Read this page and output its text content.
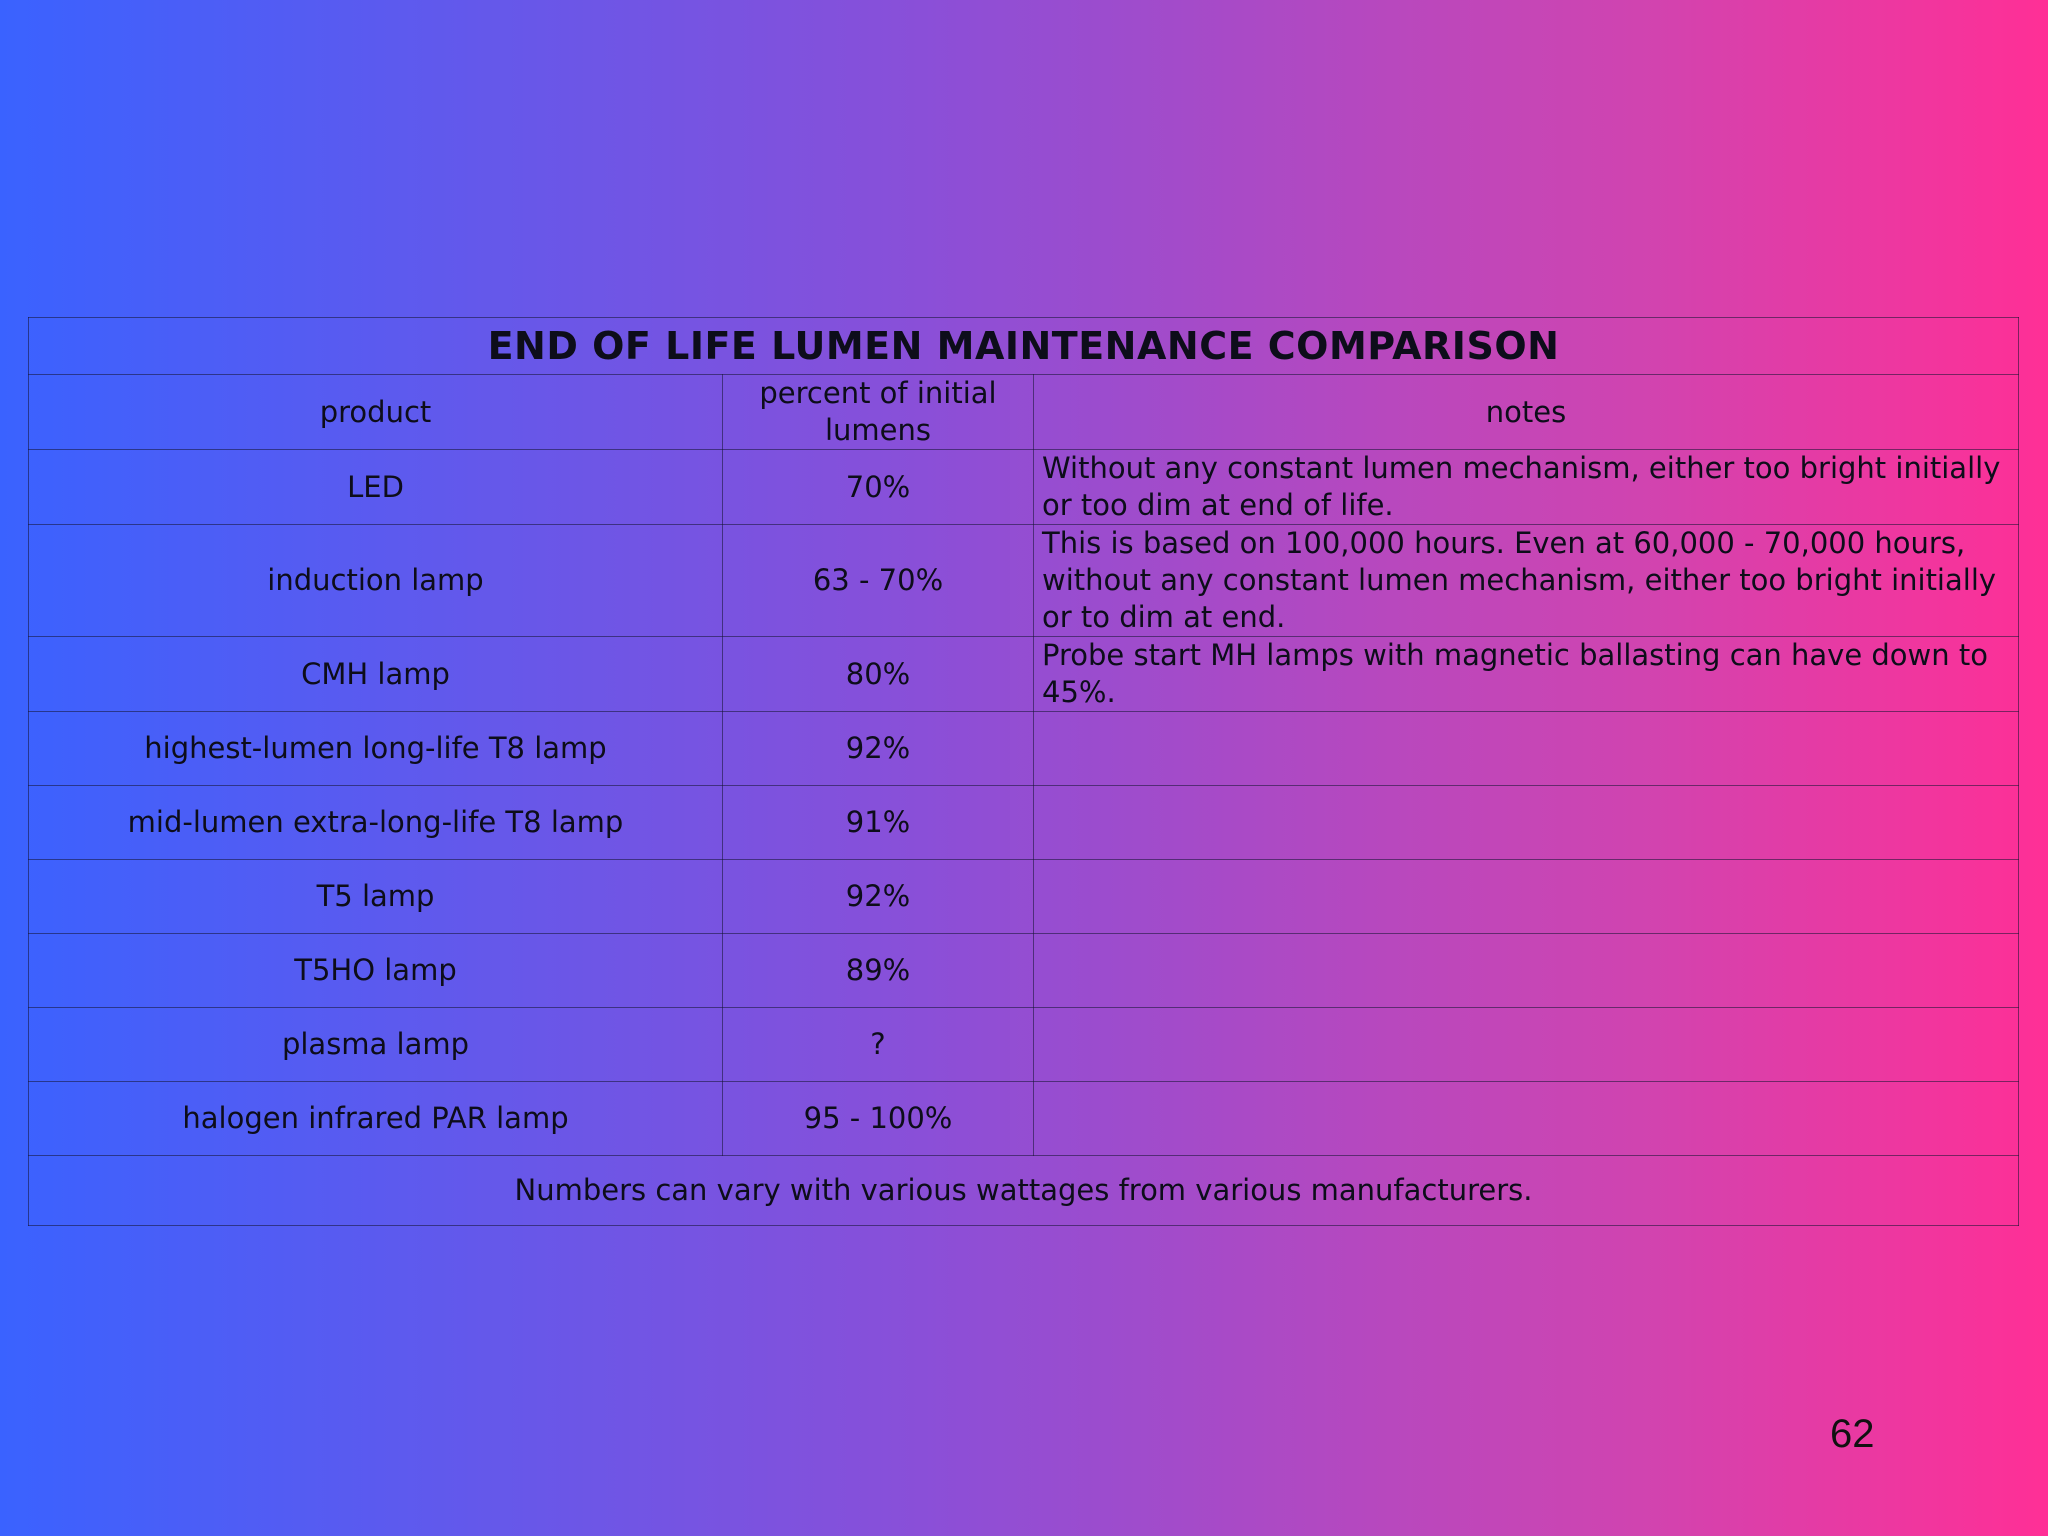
END OF LIFE LUMEN MAINTENANCE COMPARISON		
product	percent of initial lumens	notes
LED	70%	Without any constant lumen mechanism, either too bright initially or too dim at end of life.
induction lamp	63 - 70%	This is based on 100,000 hours. Even at 60,000 - 70,000 hours, without any constant lumen mechanism, either too bright initially or to dim at end.
CMH lamp	80%	Probe start MH lamps with magnetic ballasting can have down to 45%.
highest-lumen long-life T8 lamp	92%	
mid-lumen extra-long-life T8 lamp	91%	
T5 lamp	92%	
T5HO lamp	89%	
plasma lamp	?	
halogen infrared PAR lamp	95 - 100%	
Numbers can vary with various wattages from various manufacturers.		
62
